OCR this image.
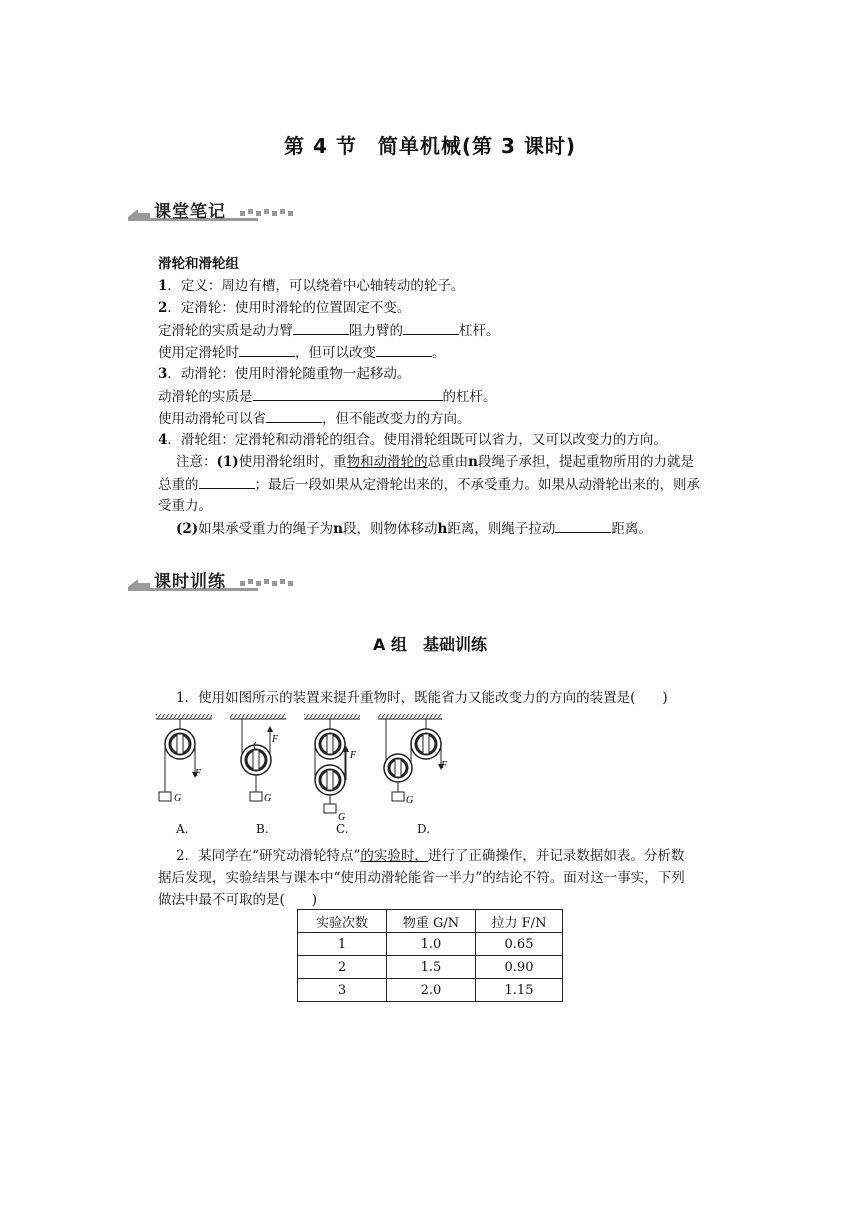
第 4 节　简单机械(第 3 课时)
课堂笔记
滑轮和滑轮组
1．定义：周边有槽，可以绕着中心轴转动的轮子。
2．定滑轮：使用时滑轮的位置固定不变。
定滑轮的实质是动力臂	阻力臂的	杠杆。
使用定滑轮时	，但可以改变	。
3．动滑轮：使用时滑轮随重物一起移动。
动滑轮的实质是	的杠杆。
使用动滑轮可以省	，但不能改变力的方向。
4．滑轮组：定滑轮和动滑轮的组合。使用滑轮组既可以省力，又可以改变力的方向。
注意：(1)使用滑轮组时，重物和动滑轮的总重由n段绳子承担，提起重物所用的力就是
总重的	；最后一段如果从定滑轮出来的，不承受重力。如果从动滑轮出来的，则承
受重力。
(2)如果承受重力的绳子为n段，则物体移动h距离，则绳子拉动	距离。
课时训练
A 组　基础训练
1．使用如图所示的装置来提升重物时，既能省力又能改变力的方向的装置是(　　)
F
G
F
G
F
G
F
G
A.	B.	C.	D.
2．某同学在“研究动滑轮特点”的实验时，进行了正确操作，并记录数据如表。分析数
据后发现，实验结果与课本中“使用动滑轮能省一半力”的结论不符。面对这一事实，下列
做法中最不可取的是(　　)
实验次数	物重 G/N	拉力 F/N
1	1.0	0.65
2	1.5	0.90
3	2.0	1.15
